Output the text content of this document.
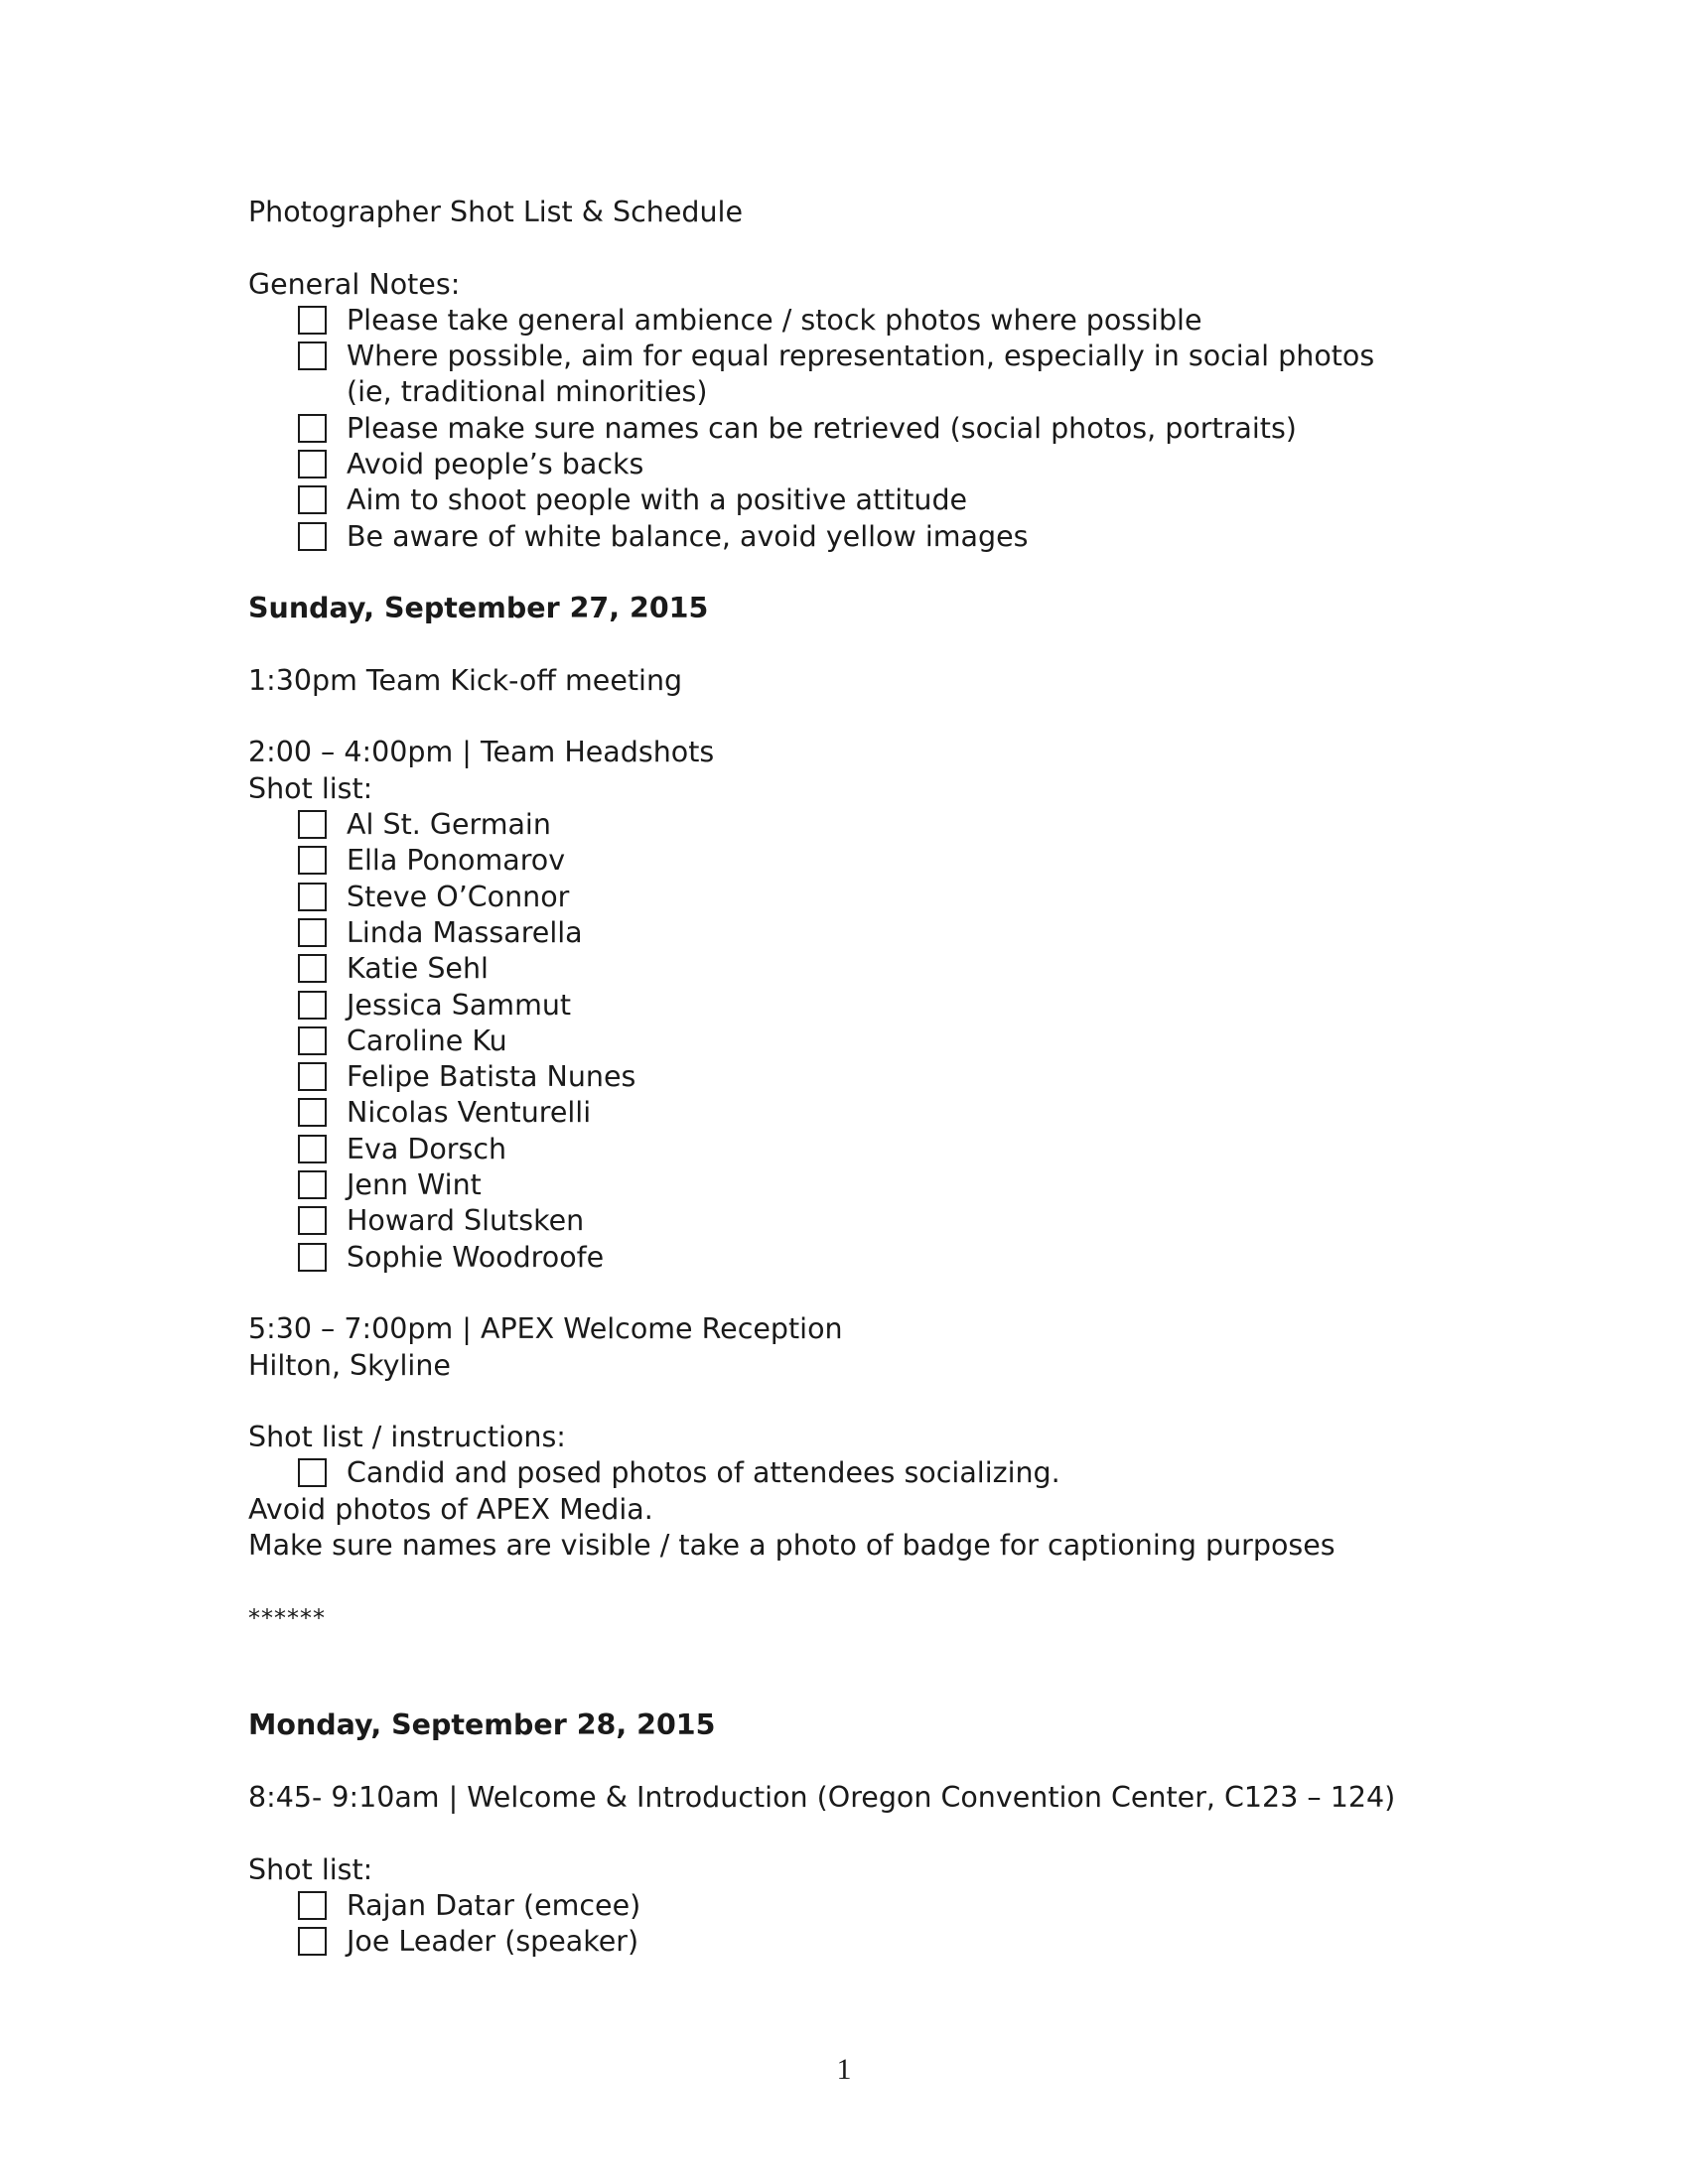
Photographer Shot List & Schedule
General Notes:
Please take general ambience / stock photos where possible
Where possible, aim for equal representation, especially in social photos (ie, traditional minorities)
Please make sure names can be retrieved (social photos, portraits)
Avoid people’s backs
Aim to shoot people with a positive attitude
Be aware of white balance, avoid yellow images
Sunday, September 27, 2015
1:30pm Team Kick-off meeting
2:00 – 4:00pm | Team Headshots
Shot list:
Al St. Germain
Ella Ponomarov
Steve O’Connor
Linda Massarella
Katie Sehl
Jessica Sammut
Caroline Ku
Felipe Batista Nunes
Nicolas Venturelli
Eva Dorsch
Jenn Wint
Howard Slutsken
Sophie Woodroofe
5:30 – 7:00pm | APEX Welcome Reception
Hilton, Skyline
Shot list / instructions:
Candid and posed photos of attendees socializing.
Avoid photos of APEX Media.
Make sure names are visible / take a photo of badge for captioning purposes
******
Monday, September 28, 2015
8:45- 9:10am | Welcome & Introduction (Oregon Convention Center, C123 – 124)
Shot list:
Rajan Datar (emcee)
Joe Leader (speaker)
1
